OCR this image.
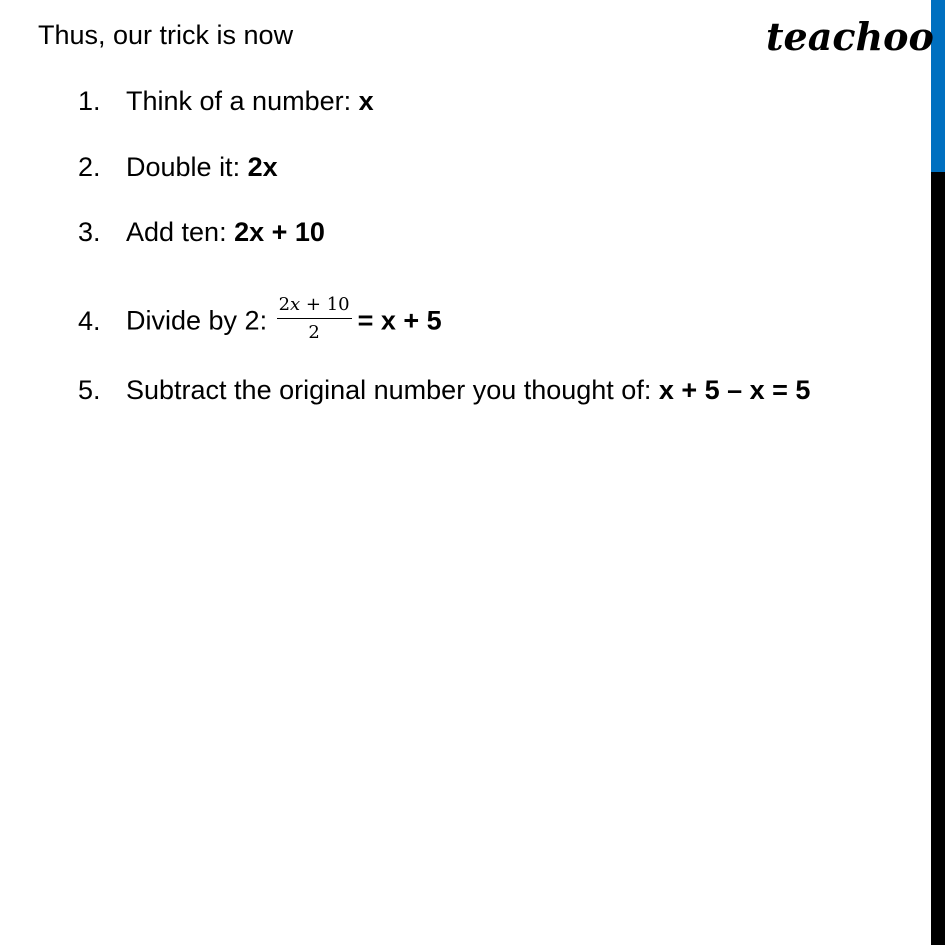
teachoo
Thus, our trick is now
1. Think of a number: x
2. Double it: 2x
3. Add ten: 2x + 10
4. Divide by 2: $\frac{2x + 10}{2} = x + 5$
5. Subtract the original number you thought of: x + 5 – x = 5
